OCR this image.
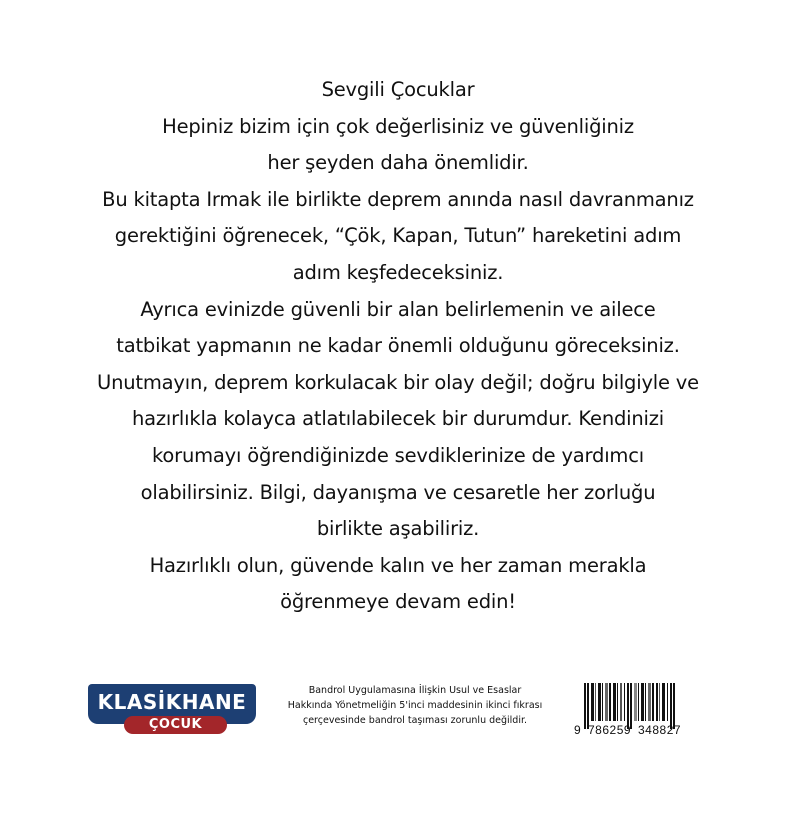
Sevgili Çocuklar
Hepiniz bizim için çok değerlisiniz ve güvenliğiniz
her şeyden daha önemlidir.
Bu kitapta Irmak ile birlikte deprem anında nasıl davranmanız
gerektiğini öğrenecek, “Çök, Kapan, Tutun” hareketini adım
adım keşfedeceksiniz.
Ayrıca evinizde güvenli bir alan belirlemenin ve ailece
tatbikat yapmanın ne kadar önemli olduğunu göreceksiniz.
Unutmayın, deprem korkulacak bir olay değil; doğru bilgiyle ve
hazırlıkla kolayca atlatılabilecek bir durumdur. Kendinizi
korumayı öğrendiğinizde sevdiklerinize de yardımcı
olabilirsiniz. Bilgi, dayanışma ve cesaretle her zorluğu
birlikte aşabiliriz.
Hazırlıklı olun, güvende kalın ve her zaman merakla
öğrenmeye devam edin!
KLASİKHANE
ÇOCUK
Bandrol Uygulamasına İlişkin Usul ve Esaslar
Hakkında Yönetmeliğin 5'inci maddesinin ikinci fıkrası
çerçevesinde bandrol taşıması zorunlu değildir.
9 786259 348827
